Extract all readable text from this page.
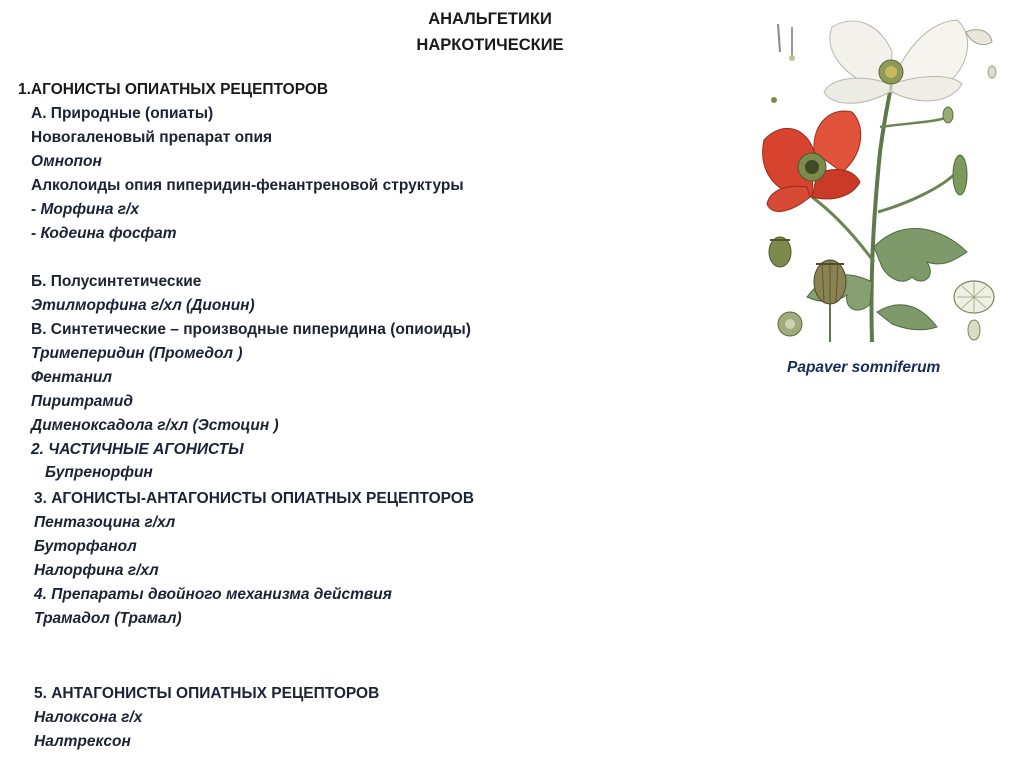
АНАЛЬГЕТИКИ
НАРКОТИЧЕСКИЕ
1.АГОНИСТЫ ОПИАТНЫХ РЕЦЕПТОРОВ
А. Природные (опиаты)
Новогаленовый препарат опия
Омнопон
Алколоиды опия пиперидин-фенантреновой структуры
- Морфина г/х
- Кодеина фосфат
Б. Полусинтетические
Этилморфина г/хл (Дионин)
В. Синтетические – производные пиперидина (опиоиды)
Тримеперидин (Промедол )
Фентанил
Пиритрамид
Дименоксадола г/хл (Эстоцин )
2. ЧАСТИЧНЫЕ АГОНИСТЫ
Бупренорфин
3. АГОНИСТЫ-АНТАГОНИСТЫ ОПИАТНЫХ РЕЦЕПТОРОВ
Пентазоцина г/хл
Буторфанол
Налорфина г/хл
4. Препараты двойного механизма действия
Трамадол (Трамал)
5. АНТАГОНИСТЫ ОПИАТНЫХ РЕЦЕПТОРОВ
Налоксона г/х
Налтрексон
Papaver somniferum
